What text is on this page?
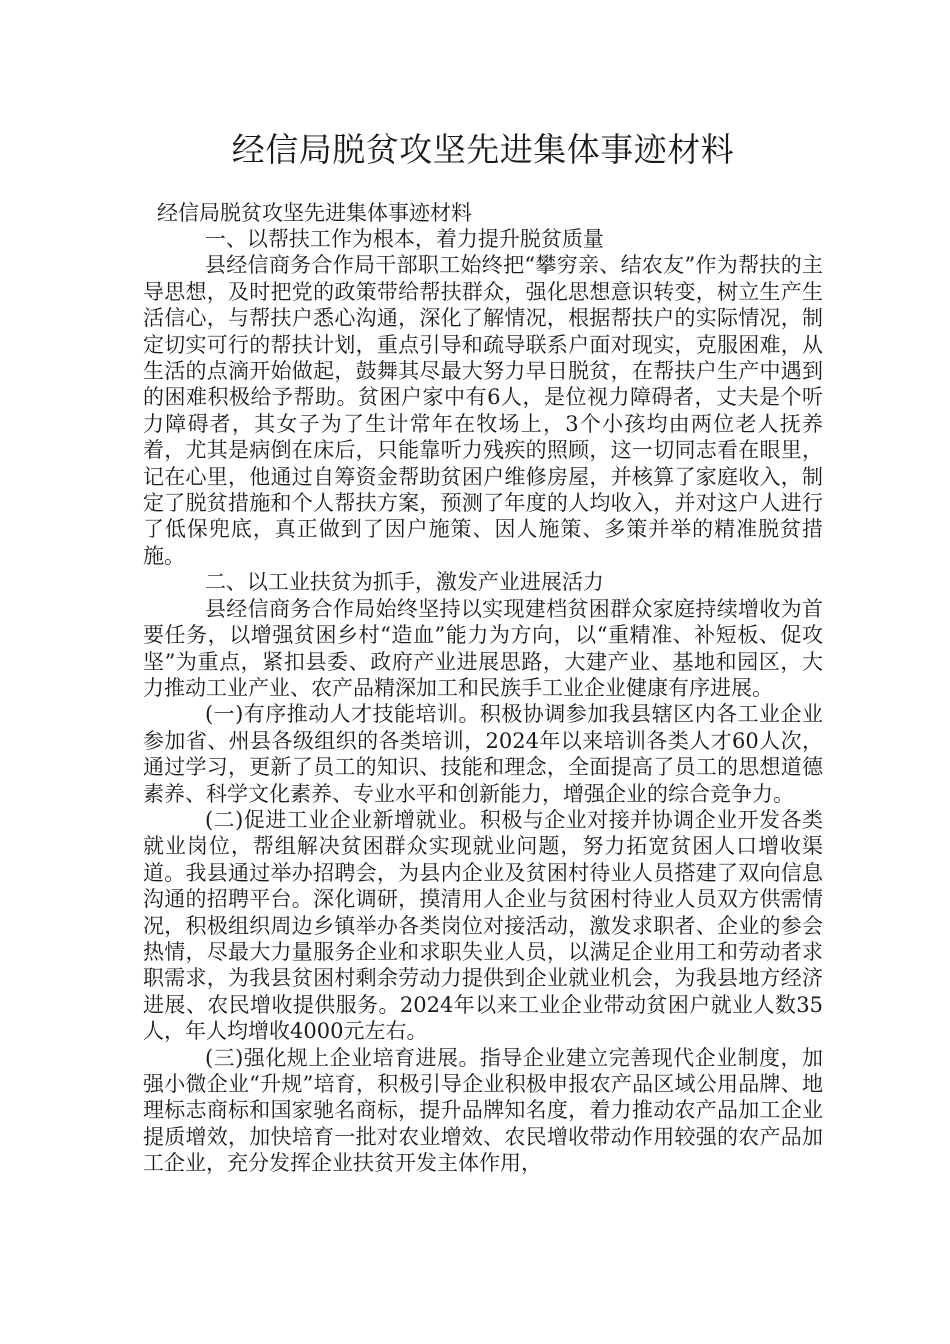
经信局脱贫攻坚先进集体事迹材料
经信局脱贫攻坚先进集体事迹材料
一、以帮扶工作为根本，着力提升脱贫质量

县经信商务合作局干部职工始终把“攀穷亲、结农友”作为帮扶的主导思想，及时把党的政策带给帮扶群众，强化思想意识转变，树立生产生活信心，与帮扶户悉心沟通，深化了解情况，根据帮扶户的实际情况，制定切实可行的帮扶计划，重点引导和疏导联系户面对现实，克服困难，从生活的点滴开始做起，鼓舞其尽最大努力早日脱贫，在帮扶户生产中遇到的困难积极给予帮助。贫困户家中有6人，是位视力障碍者，丈夫是个听力障碍者，其女子为了生计常年在牧场上，3个小孩均由两位老人抚养着，尤其是病倒在床后，只能靠听力残疾的照顾，这一切同志看在眼里，记在心里，他通过自筹资金帮助贫困户维修房屋，并核算了家庭收入，制定了脱贫措施和个人帮扶方案，预测了年度的人均收入，并对这户人进行了低保兜底，真正做到了因户施策、因人施策、多策并举的精准脱贫措施。

二、以工业扶贫为抓手，激发产业进展活力

县经信商务合作局始终坚持以实现建档贫困群众家庭持续增收为首要任务，以增强贫困乡村“造血”能力为方向，以“重精准、补短板、促攻坚”为重点，紧扣县委、政府产业进展思路，大建产业、基地和园区，大力推动工业产业、农产品精深加工和民族手工业企业健康有序进展。

(一)有序推动人才技能培训。积极协调参加我县辖区内各工业企业参加省、州县各级组织的各类培训，2024年以来培训各类人才60人次，通过学习，更新了员工的知识、技能和理念，全面提高了员工的思想道德素养、科学文化素养、专业水平和创新能力，增强企业的综合竞争力。

(二)促进工业企业新增就业。积极与企业对接并协调企业开发各类就业岗位，帮组解决贫困群众实现就业问题，努力拓宽贫困人口增收渠道。我县通过举办招聘会，为县内企业及贫困村待业人员搭建了双向信息沟通的招聘平台。深化调研，摸清用人企业与贫困村待业人员双方供需情况，积极组织周边乡镇举办各类岗位对接活动，激发求职者、企业的参会热情，尽最大力量服务企业和求职失业人员，以满足企业用工和劳动者求职需求，为我县贫困村剩余劳动力提供到企业就业机会，为我县地方经济进展、农民增收提供服务。2024年以来工业企业带动贫困户就业人数35人，年人均增收4000元左右。

(三)强化规上企业培育进展。指导企业建立完善现代企业制度，加强小微企业“升规”培育，积极引导企业积极申报农产品区域公用品牌、地理标志商标和国家驰名商标，提升品牌知名度，着力推动农产品加工企业提质增效，加快培育一批对农业增效、农民增收带动作用较强的农产品加工企业，充分发挥企业扶贫开发主体作用，
